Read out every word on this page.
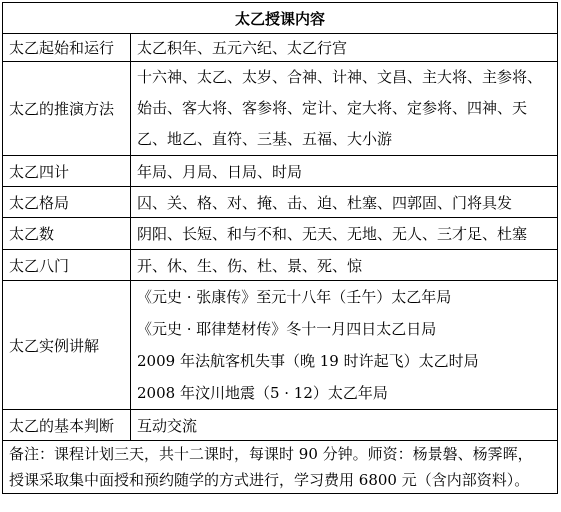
太乙授课内容	
太乙起始和运行	太乙积年、五元六纪、太乙行宫
太乙的推演方法	十六神、太乙、太岁、合神、计神、文昌、主大将、主参将、
始击、客大将、客参将、定计、定大将、定参将、四神、天
乙、地乙、直符、三基、五福、大小游

太乙四计	年局、月局、日局、时局
太乙格局	囚、关、格、对、掩、击、迫、杜塞、四郭固、门将具发
太乙数	阴阳、长短、和与不和、无天、无地、无人、三才足、杜塞
太乙八门	开、休、生、伤、杜、景、死、惊
太乙实例讲解	《元史 · 张康传》至元十八年（壬午）太乙年局
《元史 · 耶律楚材传》冬十一月四日太乙日局
2009 年法航客机失事（晚 19 时许起飞）太乙时局
2008 年汶川地震（5 · 12）太乙年局

太乙的基本判断	互动交流

备注：课程计划三天，共十二课时，每课时 90 分钟。师资：杨景磐、杨霁晖，
授课采取集中面授和预约随学的方式进行，学习费用 6800 元（含内部资料）。	
